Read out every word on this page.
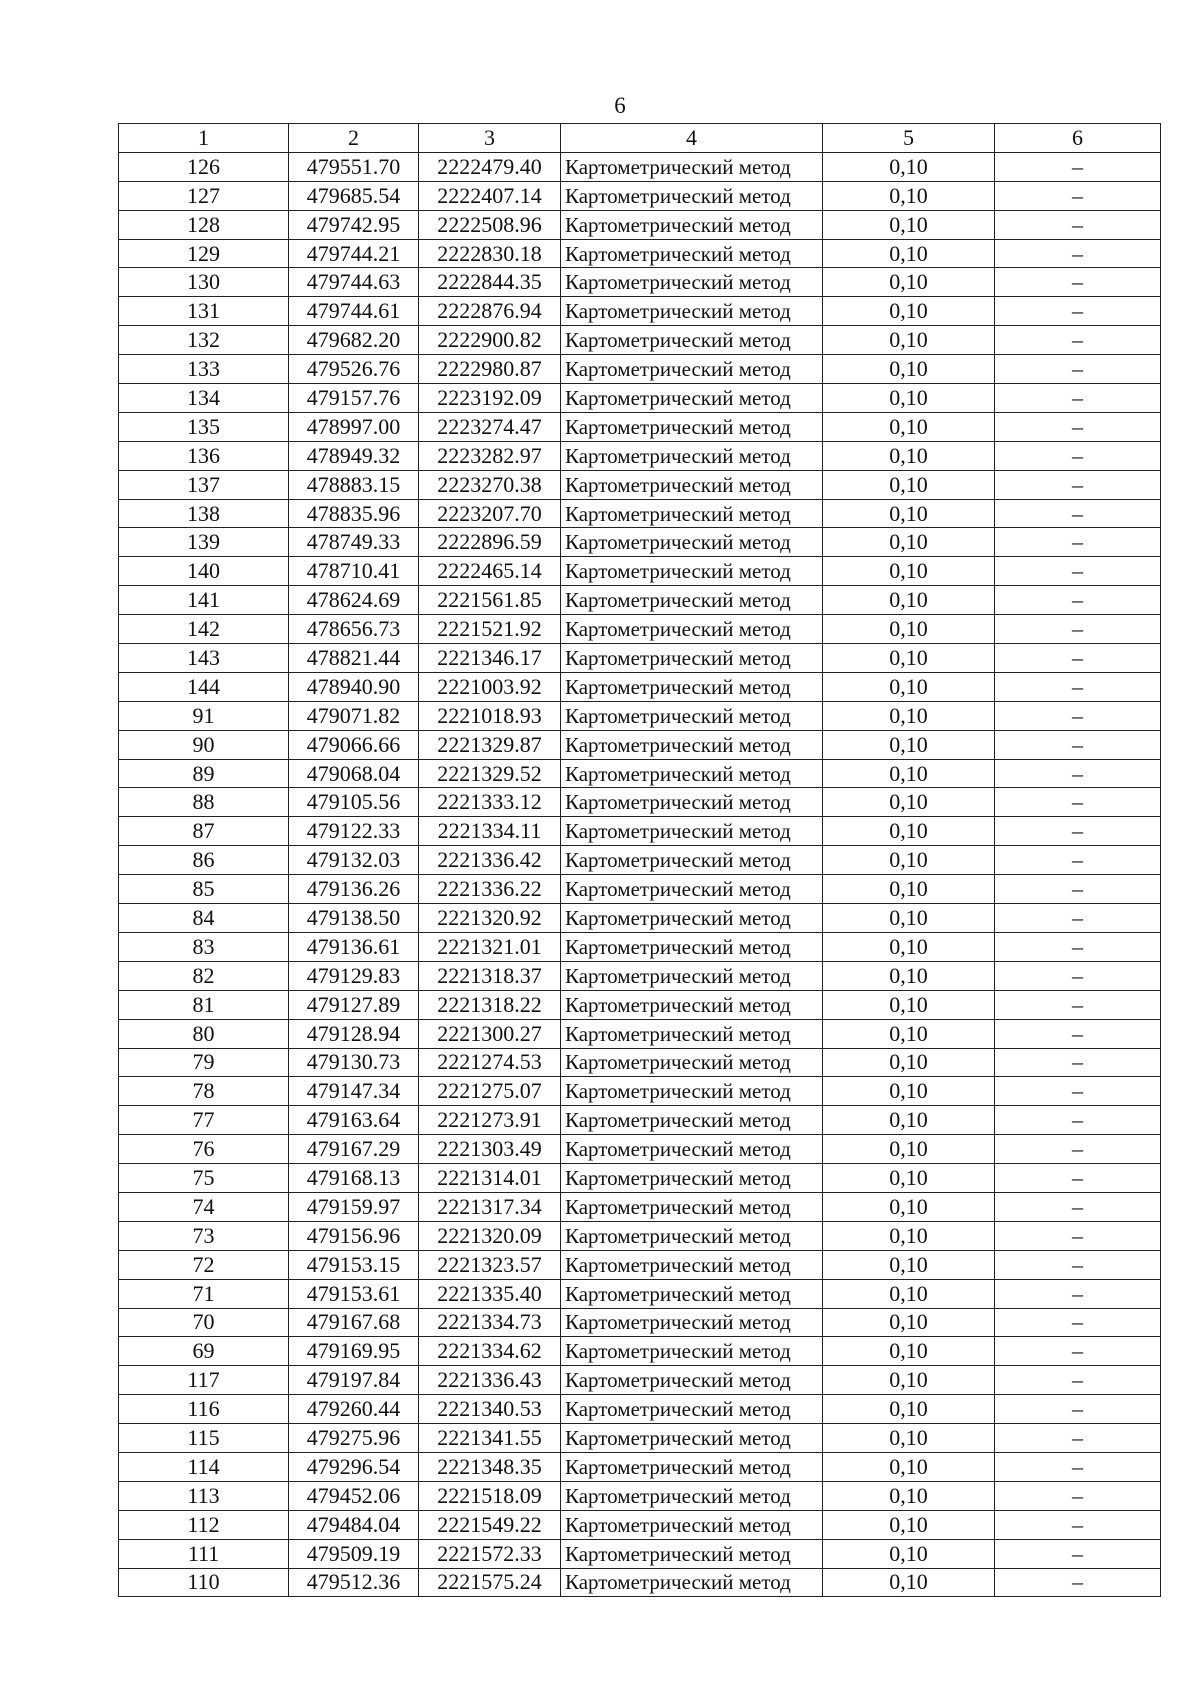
6
1	2	3	4	5	6
126	479551.70	2222479.40	Картометрический метод	0,10	–
127	479685.54	2222407.14	Картометрический метод	0,10	–
128	479742.95	2222508.96	Картометрический метод	0,10	–
129	479744.21	2222830.18	Картометрический метод	0,10	–
130	479744.63	2222844.35	Картометрический метод	0,10	–
131	479744.61	2222876.94	Картометрический метод	0,10	–
132	479682.20	2222900.82	Картометрический метод	0,10	–
133	479526.76	2222980.87	Картометрический метод	0,10	–
134	479157.76	2223192.09	Картометрический метод	0,10	–
135	478997.00	2223274.47	Картометрический метод	0,10	–
136	478949.32	2223282.97	Картометрический метод	0,10	–
137	478883.15	2223270.38	Картометрический метод	0,10	–
138	478835.96	2223207.70	Картометрический метод	0,10	–
139	478749.33	2222896.59	Картометрический метод	0,10	–
140	478710.41	2222465.14	Картометрический метод	0,10	–
141	478624.69	2221561.85	Картометрический метод	0,10	–
142	478656.73	2221521.92	Картометрический метод	0,10	–
143	478821.44	2221346.17	Картометрический метод	0,10	–
144	478940.90	2221003.92	Картометрический метод	0,10	–
91	479071.82	2221018.93	Картометрический метод	0,10	–
90	479066.66	2221329.87	Картометрический метод	0,10	–
89	479068.04	2221329.52	Картометрический метод	0,10	–
88	479105.56	2221333.12	Картометрический метод	0,10	–
87	479122.33	2221334.11	Картометрический метод	0,10	–
86	479132.03	2221336.42	Картометрический метод	0,10	–
85	479136.26	2221336.22	Картометрический метод	0,10	–
84	479138.50	2221320.92	Картометрический метод	0,10	–
83	479136.61	2221321.01	Картометрический метод	0,10	–
82	479129.83	2221318.37	Картометрический метод	0,10	–
81	479127.89	2221318.22	Картометрический метод	0,10	–
80	479128.94	2221300.27	Картометрический метод	0,10	–
79	479130.73	2221274.53	Картометрический метод	0,10	–
78	479147.34	2221275.07	Картометрический метод	0,10	–
77	479163.64	2221273.91	Картометрический метод	0,10	–
76	479167.29	2221303.49	Картометрический метод	0,10	–
75	479168.13	2221314.01	Картометрический метод	0,10	–
74	479159.97	2221317.34	Картометрический метод	0,10	–
73	479156.96	2221320.09	Картометрический метод	0,10	–
72	479153.15	2221323.57	Картометрический метод	0,10	–
71	479153.61	2221335.40	Картометрический метод	0,10	–
70	479167.68	2221334.73	Картометрический метод	0,10	–
69	479169.95	2221334.62	Картометрический метод	0,10	–
117	479197.84	2221336.43	Картометрический метод	0,10	–
116	479260.44	2221340.53	Картометрический метод	0,10	–
115	479275.96	2221341.55	Картометрический метод	0,10	–
114	479296.54	2221348.35	Картометрический метод	0,10	–
113	479452.06	2221518.09	Картометрический метод	0,10	–
112	479484.04	2221549.22	Картометрический метод	0,10	–
111	479509.19	2221572.33	Картометрический метод	0,10	–
110	479512.36	2221575.24	Картометрический метод	0,10	–
